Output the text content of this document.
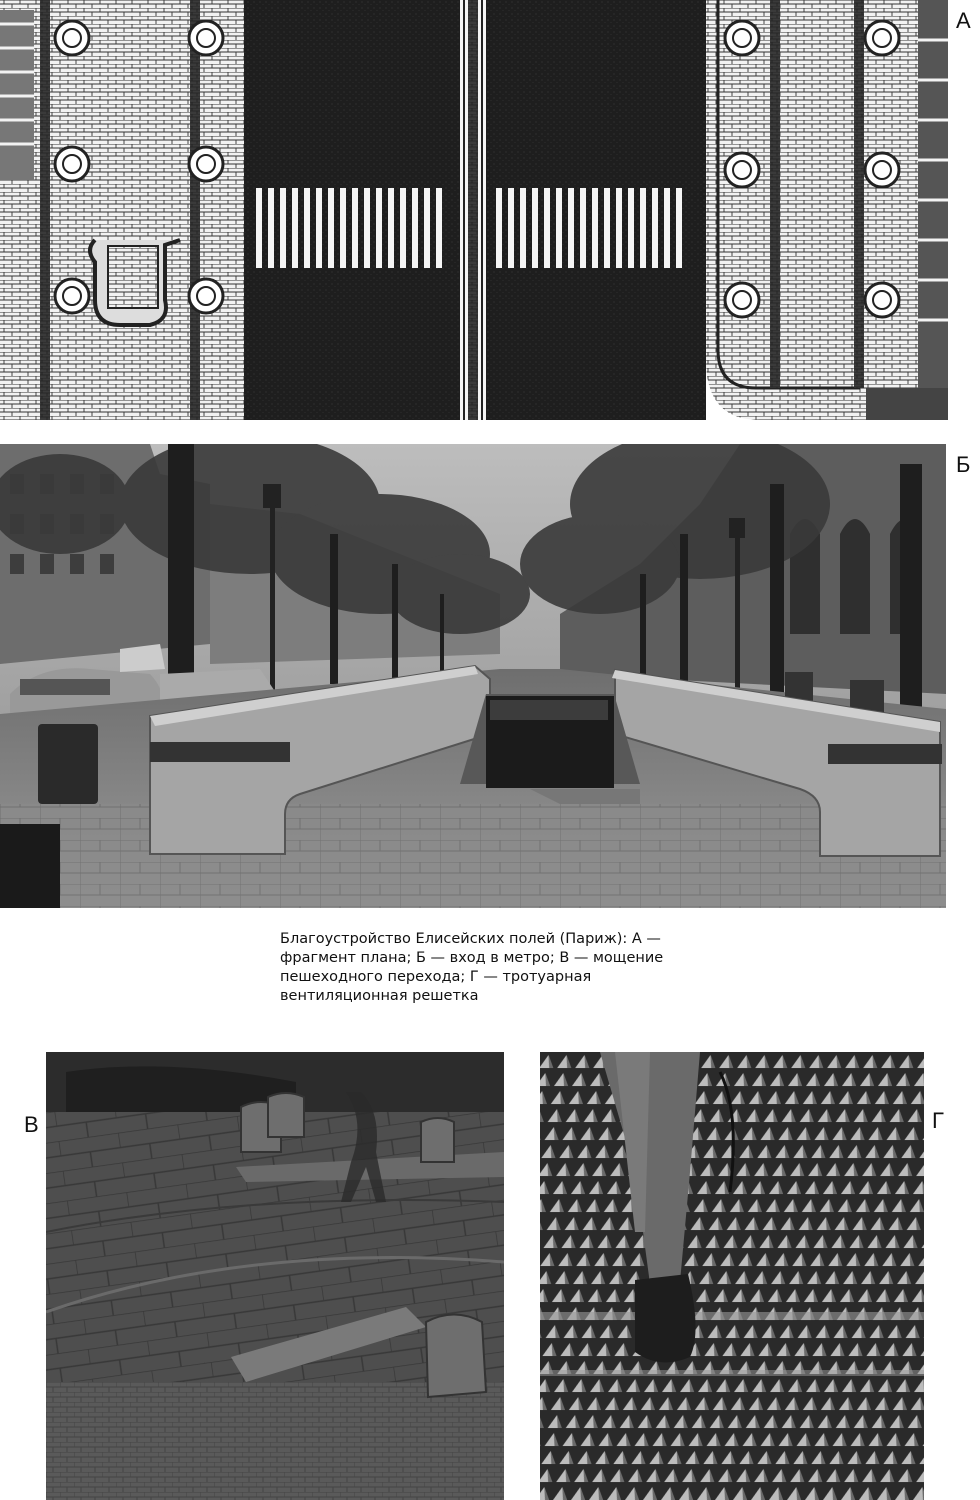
А
Б
Благоустройство Елисейских полей (Париж): А — фрагмент плана; Б — вход в метро; В — мощение пешеходного перехода; Г — тротуарная вентиляционная решетка
В	Г
